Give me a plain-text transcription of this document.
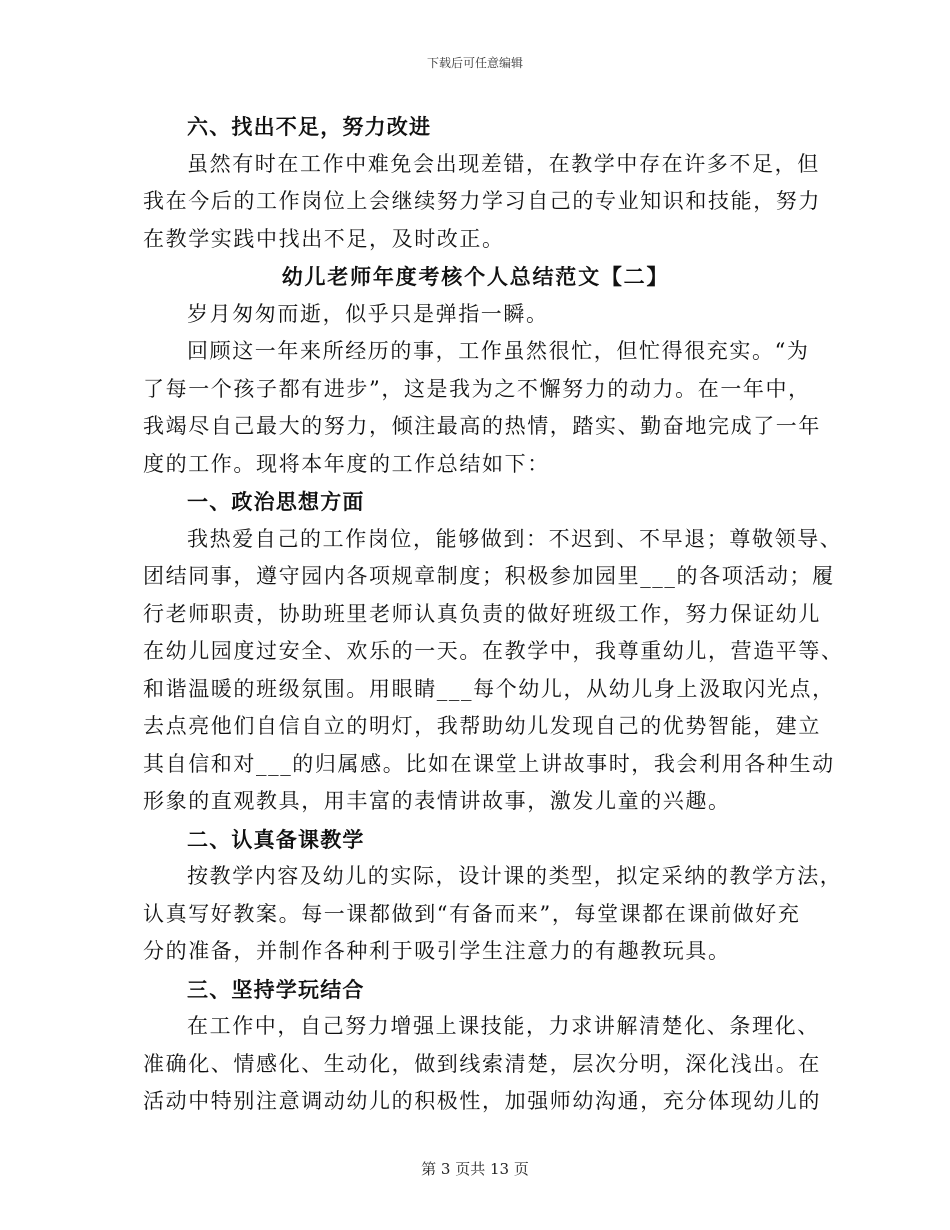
下载后可任意编辑
六、找出不足，努力改进
虽然有时在工作中难免会出现差错，在教学中存在许多不足，但
我在今后的工作岗位上会继续努力学习自己的专业知识和技能，努力
在教学实践中找出不足，及时改正。
幼儿老师年度考核个人总结范文【二】
岁月匆匆而逝，似乎只是弹指一瞬。
回顾这一年来所经历的事，工作虽然很忙，但忙得很充实。“为
了每一个孩子都有进步”，这是我为之不懈努力的动力。在一年中，
我竭尽自己最大的努力，倾注最高的热情，踏实、勤奋地完成了一年
度的工作。现将本年度的工作总结如下：
一、政治思想方面
我热爱自己的工作岗位，能够做到：不迟到、不早退；尊敬领导、
团结同事，遵守园内各项规章制度；积极参加园里___的各项活动；履
行老师职责，协助班里老师认真负责的做好班级工作，努力保证幼儿
在幼儿园度过安全、欢乐的一天。在教学中，我尊重幼儿，营造平等、
和谐温暖的班级氛围。用眼睛___每个幼儿，从幼儿身上汲取闪光点，
去点亮他们自信自立的明灯，我帮助幼儿发现自己的优势智能，建立
其自信和对___的归属感。比如在课堂上讲故事时，我会利用各种生动
形象的直观教具，用丰富的表情讲故事，激发儿童的兴趣。
二、认真备课教学
按教学内容及幼儿的实际，设计课的类型，拟定采纳的教学方法，
认真写好教案。每一课都做到“有备而来”，每堂课都在课前做好充
分的准备，并制作各种利于吸引学生注意力的有趣教玩具。
三、坚持学玩结合
在工作中，自己努力增强上课技能，力求讲解清楚化、条理化、
准确化、情感化、生动化，做到线索清楚，层次分明，深化浅出。在
活动中特别注意调动幼儿的积极性，加强师幼沟通，充分体现幼儿的
第 3 页共 13 页
